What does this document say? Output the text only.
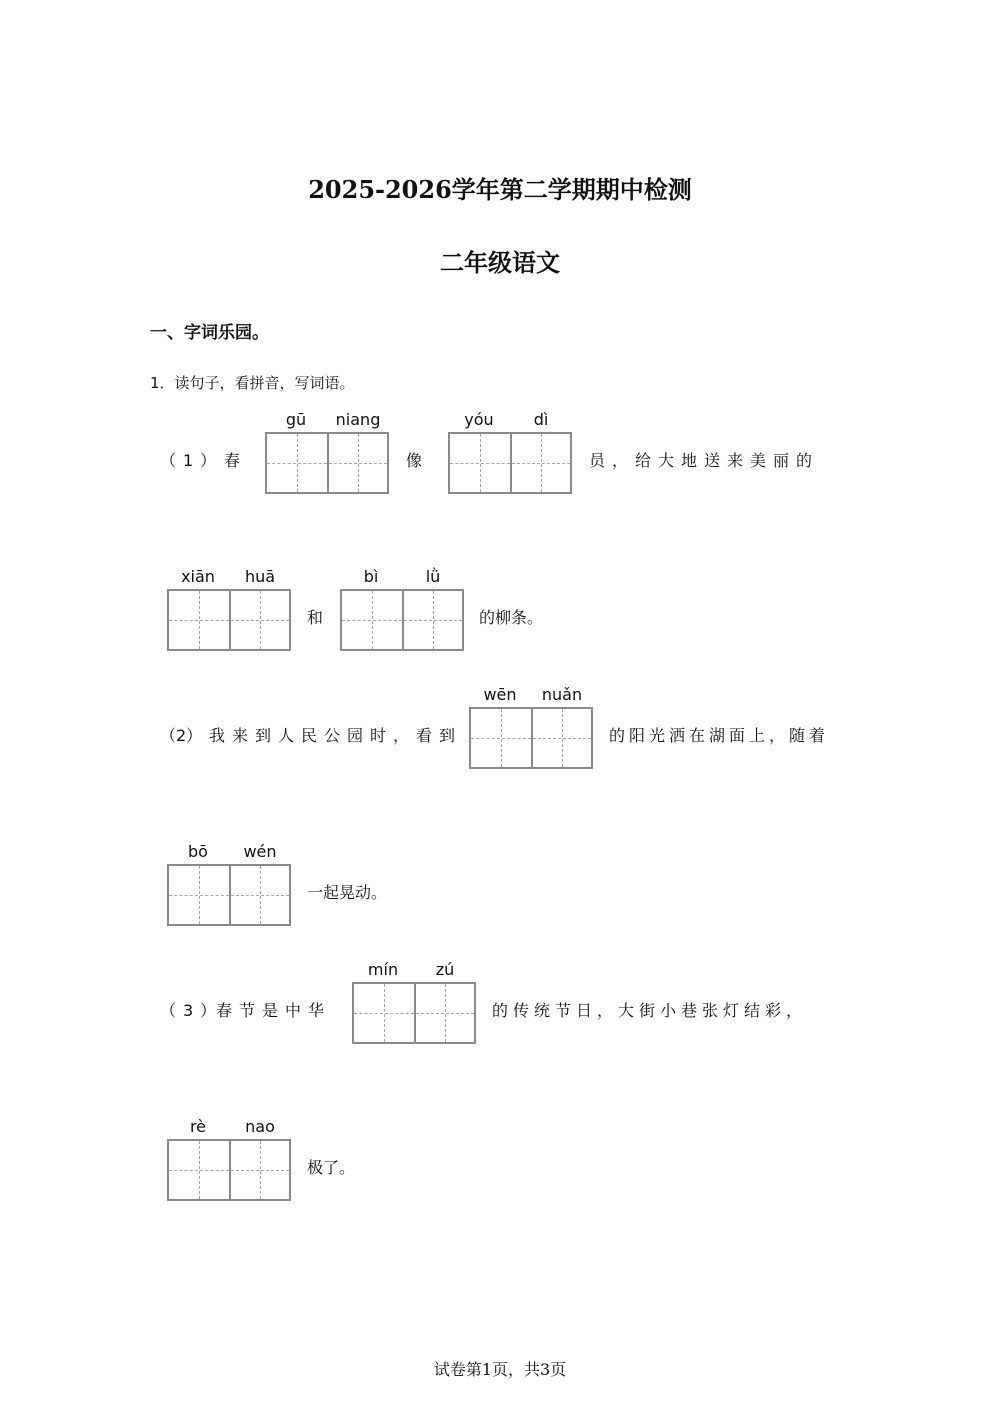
2025-2026学年第二学期期中检测
二年级语文
一、字词乐园。
1．读句子，看拼音，写词语。
（1） 春
gū	niang
像
yóu	dì
员，给大地送来美丽的
xiān	huā
和
bì	lǜ
的柳条。
（2） 我来到人民公园时，看到
wēn	nuǎn
的阳光洒在湖面上，随着
bō	wén
一起晃动。
（3）
春节是中华
mín	zú
的传统节日，大街小巷张灯结彩，
rè	nao
极了。
试卷第1页，共3页
